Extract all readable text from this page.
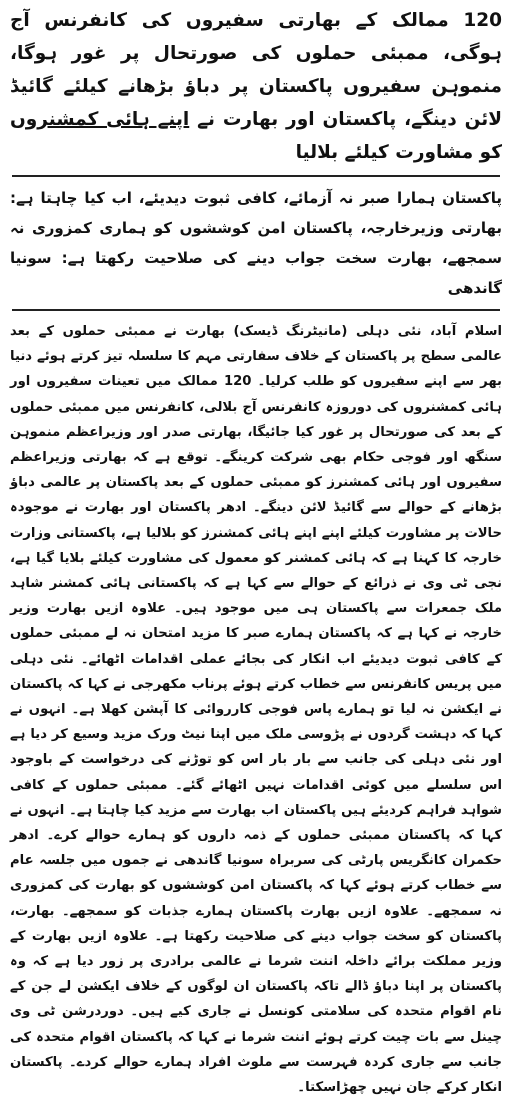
120 ممالک کے بھارتی سفیروں کی کانفرنس آج ہوگی، ممبئی حملوں کی صورتحال پر غور ہوگا، منموہن سفیروں پاکستان پر دباؤ بڑھانے کیلئے گائیڈ لائن دینگے، پاکستان اور بھارت نے اپنے ہائی کمشنروں کو مشاورت کیلئے بلالیا
پاکستان ہمارا صبر نہ آزمائے، کافی ثبوت دیدیئے، اب کیا چاہتا ہے: بھارتی وزیرخارجہ، پاکستان امن کوششوں کو ہماری کمزوری نہ سمجھے، بھارت سخت جواب دینے کی صلاحیت رکھتا ہے: سونیا گاندھی

اسلام آباد، نئی دہلی (مانیٹرنگ ڈیسک) بھارت نے ممبئی حملوں کے بعد عالمی سطح پر پاکستان کے خلاف سفارتی مہم کا سلسلہ تیز کرتے ہوئے دنیا بھر سے اپنے سفیروں کو طلب کرلیا۔ 120 ممالک میں تعینات سفیروں اور ہائی کمشنروں کی دوروزہ کانفرنس آج بلالی، کانفرنس میں ممبئی حملوں کے بعد کی صورتحال پر غور کیا جائیگا، بھارتی صدر اور وزیراعظم منموہن سنگھ اور فوجی حکام بھی شرکت کرینگے۔ توقع ہے کہ بھارتی وزیراعظم سفیروں اور ہائی کمشنرز کو ممبئی حملوں کے بعد پاکستان پر عالمی دباؤ بڑھانے کے حوالے سے گائیڈ لائن دینگے۔ ادھر پاکستان اور بھارت نے موجودہ حالات پر مشاورت کیلئے اپنے اپنے ہائی کمشنرز کو بلالیا ہے، پاکستانی وزارت خارجہ کا کہنا ہے کہ ہائی کمشنر کو معمول کی مشاورت کیلئے بلایا گیا ہے، نجی ٹی وی نے ذرائع کے حوالے سے کہا ہے کہ پاکستانی ہائی کمشنر شاہد ملک جمعرات سے پاکستان ہی میں موجود ہیں۔ علاوہ ازیں بھارت وزیر خارجہ نے کہا ہے کہ پاکستان ہمارے صبر کا مزید امتحان نہ لے ممبئی حملوں کے کافی ثبوت دیدیئے اب انکار کی بجائے عملی اقدامات اٹھائے۔ نئی دہلی میں پریس کانفرنس سے خطاب کرتے ہوئے پرناب مکھرجی نے کہا کہ پاکستان نے ایکشن نہ لیا تو ہمارے پاس فوجی کارروائی کا آپشن کھلا ہے۔ انہوں نے کہا کہ دہشت گردوں نے پڑوسی ملک میں اپنا نیٹ ورک مزید وسیع کر دیا ہے اور نئی دہلی کی جانب سے بار بار اس کو توڑنے کی درخواست کے باوجود اس سلسلے میں کوئی اقدامات نہیں اٹھائے گئے۔ ممبئی حملوں کے کافی شواہد فراہم کردیئے ہیں پاکستان اب بھارت سے مزید کیا چاہتا ہے۔ انہوں نے کہا کہ پاکستان ممبئی حملوں کے ذمہ داروں کو ہمارے حوالے کرے۔ ادھر حکمران کانگریس پارٹی کی سربراہ سونیا گاندھی نے جموں میں جلسہ عام سے خطاب کرتے ہوئے کہا کہ پاکستان امن کوششوں کو بھارت کی کمزوری نہ سمجھے۔ علاوہ ازیں بھارت پاکستان ہمارے جذبات کو سمجھے۔ بھارت، پاکستان کو سخت جواب دینے کی صلاحیت رکھتا ہے۔ علاوہ ازیں بھارت کے وزیر مملکت برائے داخلہ اننت شرما نے عالمی برادری پر زور دیا ہے کہ وہ پاکستان پر اپنا دباؤ ڈالے تاکہ پاکستان ان لوگوں کے خلاف ایکشن لے جن کے نام اقوام متحدہ کی سلامتی کونسل نے جاری کیے ہیں۔ دوردرشن ٹی وی چینل سے بات چیت کرتے ہوئے اننت شرما نے کہا کہ پاکستان اقوام متحدہ کی جانب سے جاری کردہ فہرست سے ملوث افراد ہمارے حوالے کردے۔ پاکستان انکار کرکے جان نہیں چھڑاسکتا۔
